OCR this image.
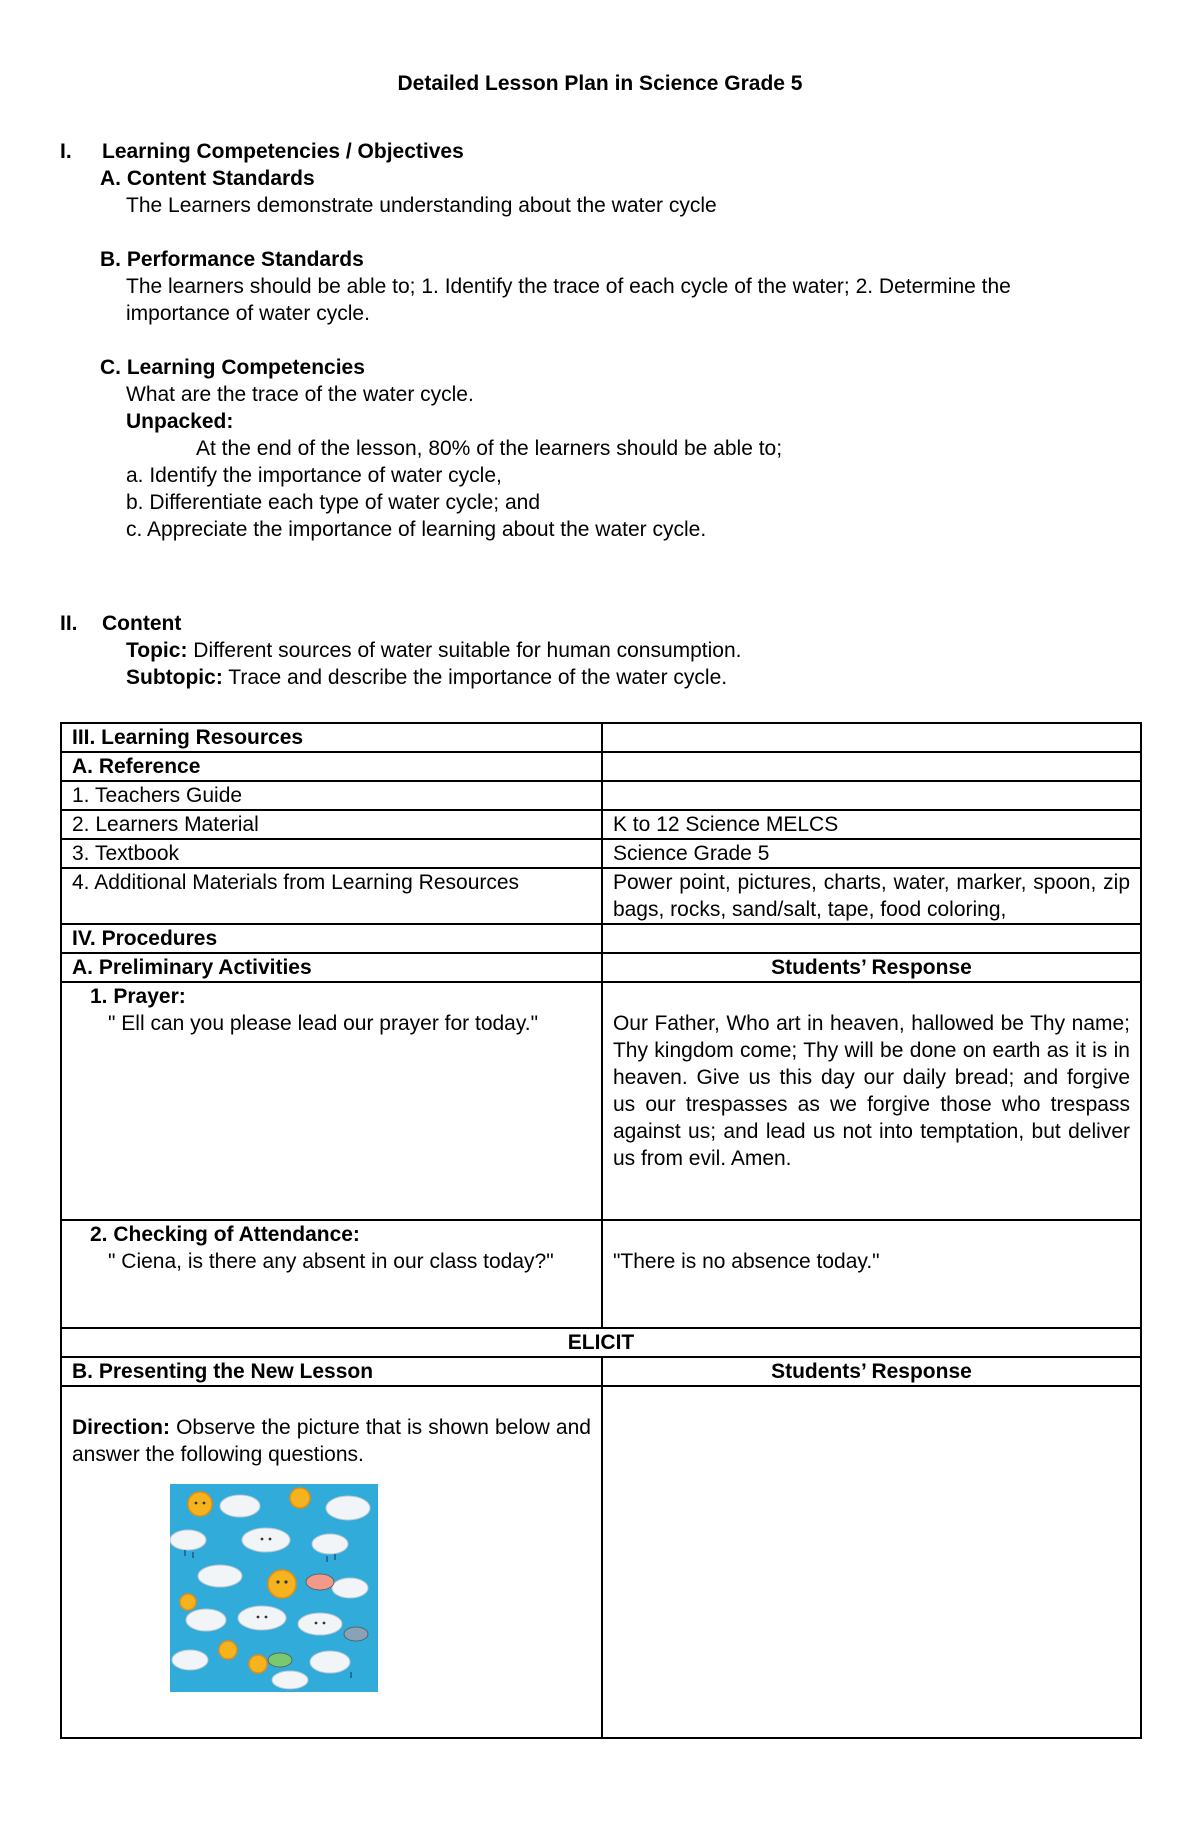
Detailed Lesson Plan in Science Grade 5
I. Learning Competencies / Objectives
A. Content Standards
The Learners demonstrate understanding about the water cycle
B. Performance Standards
The learners should be able to; 1. Identify the trace of each cycle of the water; 2. Determine the importance of water cycle.
C. Learning Competencies
What are the trace of the water cycle.
Unpacked:
At the end of the lesson, 80% of the learners should be able to;
a. Identify the importance of water cycle,
b. Differentiate each type of water cycle; and
c. Appreciate the importance of learning about the water cycle.
II. Content
Topic: Different sources of water suitable for human consumption.
Subtopic: Trace and describe the importance of the water cycle.
III. Learning Resources	
A. Reference	
1. Teachers Guide	
2. Learners Material	K to 12 Science MELCS
3. Textbook	Science Grade 5
4. Additional Materials from Learning Resources	Power point, pictures, charts, water, marker, spoon, zip bags, rocks, sand/salt, tape, food coloring,
IV. Procedures	
A. Preliminary Activities	Students’ Response

1. Prayer:
" Ell can you please lead our prayer for today."	Our Father, Who art in heaven, hallowed be Thy name; Thy kingdom come; Thy will be done on earth as it is in heaven. Give us this day our daily bread; and forgive us our trespasses as we forgive those who trespass against us; and lead us not into temptation, but deliver us from evil. Amen.

2. Checking of Attendance:
" Ciena, is there any absent in our class today?"	"There is no absence today."

ELICIT	
B. Presenting the New Lesson	Students’ Response

Direction: Observe the picture that is shown below and answer the following questions.	
